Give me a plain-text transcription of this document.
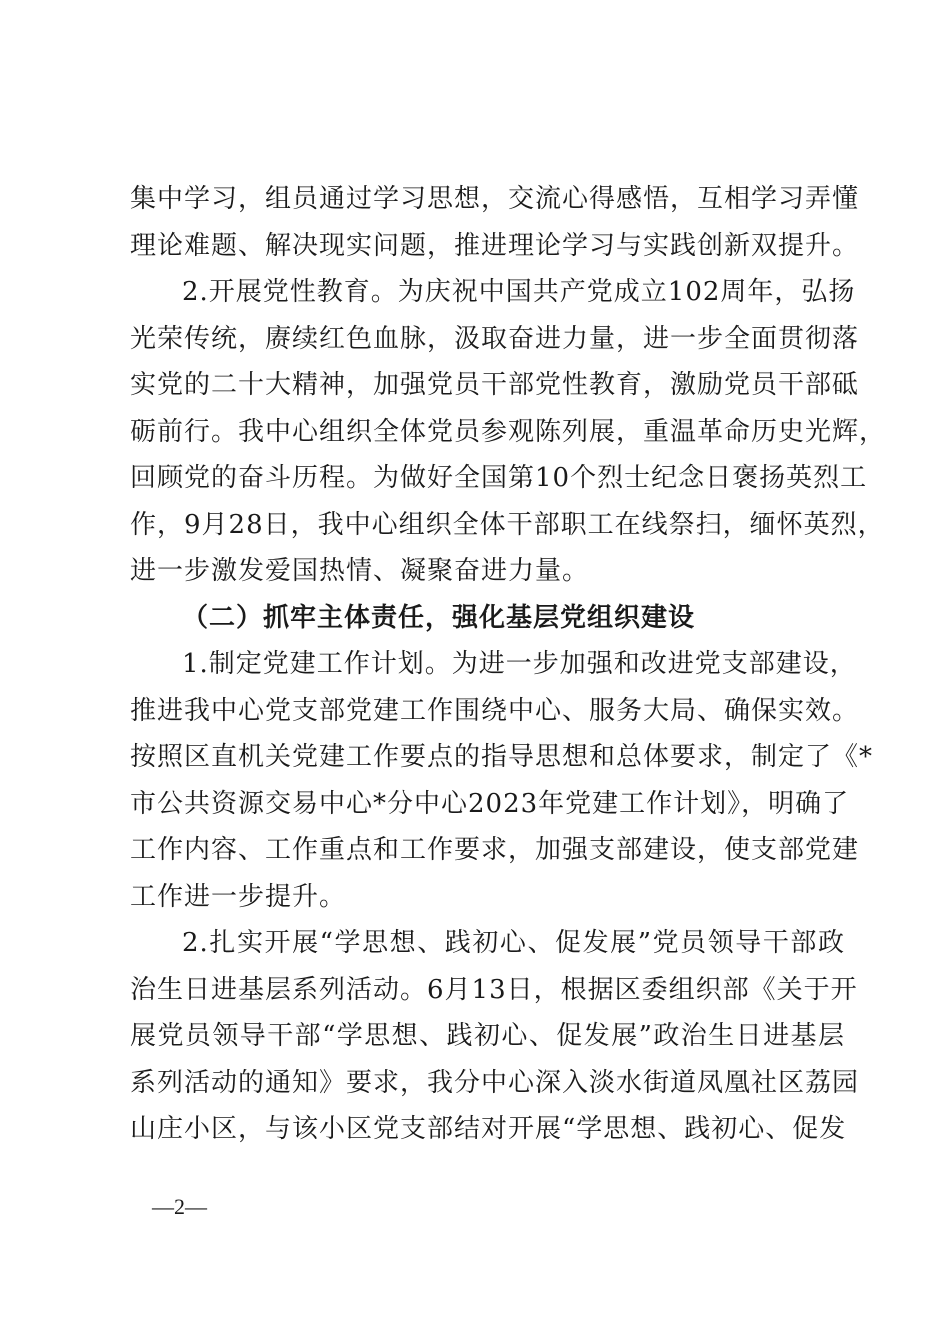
集中学习，组员通过学习思想，交流心得感悟，互相学习弄懂
理论难题、解决现实问题，推进理论学习与实践创新双提升。
2.开展党性教育。为庆祝中国共产党成立102周年，弘扬
光荣传统，赓续红色血脉，汲取奋进力量，进一步全面贯彻落
实党的二十大精神，加强党员干部党性教育，激励党员干部砥
砺前行。我中心组织全体党员参观陈列展，重温革命历史光辉，
回顾党的奋斗历程。为做好全国第10个烈士纪念日褒扬英烈工
作，9月28日，我中心组织全体干部职工在线祭扫，缅怀英烈，
进一步激发爱国热情、凝聚奋进力量。
（二）抓牢主体责任，强化基层党组织建设
1.制定党建工作计划。为进一步加强和改进党支部建设，
推进我中心党支部党建工作围绕中心、服务大局、确保实效。
按照区直机关党建工作要点的指导思想和总体要求，制定了《*
市公共资源交易中心*分中心2023年党建工作计划》，明确了
工作内容、工作重点和工作要求，加强支部建设，使支部党建
工作进一步提升。
2.扎实开展“学思想、践初心、促发展”党员领导干部政
治生日进基层系列活动。6月13日，根据区委组织部《关于开
展党员领导干部“学思想、践初心、促发展”政治生日进基层
系列活动的通知》要求，我分中心深入淡水街道凤凰社区荔园
山庄小区，与该小区党支部结对开展“学思想、践初心、促发
—2—
